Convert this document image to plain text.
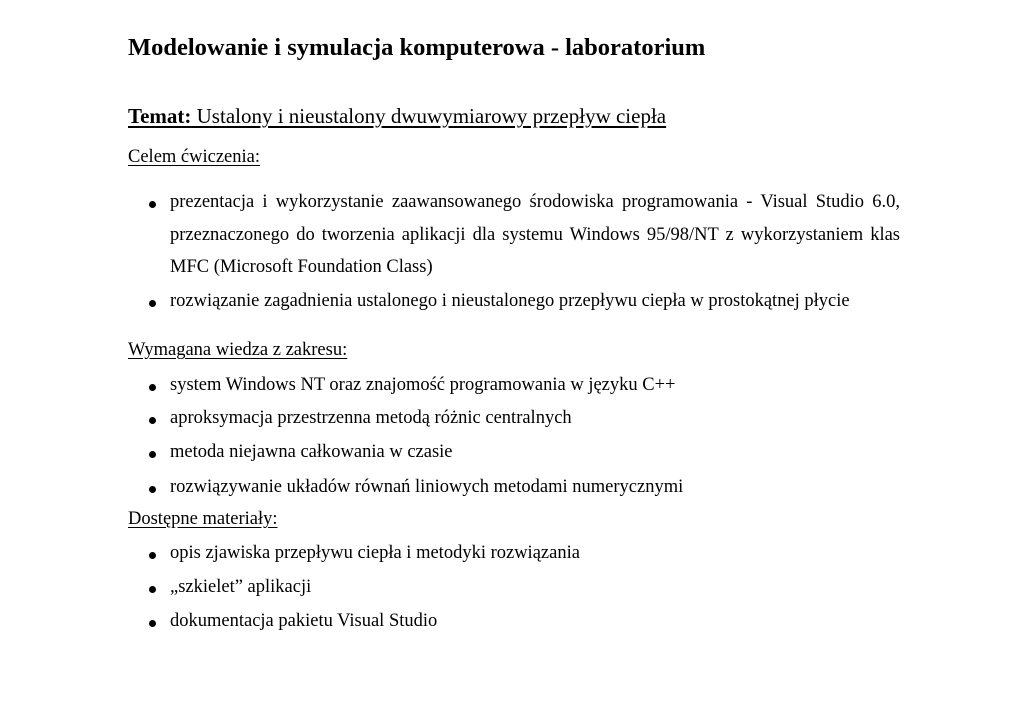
Modelowanie i symulacja komputerowa - laboratorium

Temat: Ustalony i nieustalony dwuwymiarowy przepływ ciepła

Celem ćwiczenia:
prezentacja i wykorzystanie zaawansowanego środowiska programowania - Visual Studio 6.0, przeznaczonego do tworzenia aplikacji dla systemu Windows 95/98/NT z wykorzystaniem klas MFC (Microsoft Foundation Class)
rozwiązanie zagadnienia ustalonego i nieustalonego przepływu ciepła w prostokątnej płycie
Wymagana wiedza z zakresu:
system Windows NT oraz znajomość programowania w języku C++
aproksymacja przestrzenna metodą różnic centralnych
metoda niejawna całkowania w czasie
rozwiązywanie układów równań liniowych metodami numerycznymi
Dostępne materiały:
opis zjawiska przepływu ciepła i metodyki rozwiązania
„szkielet” aplikacji
dokumentacja pakietu Visual Studio
